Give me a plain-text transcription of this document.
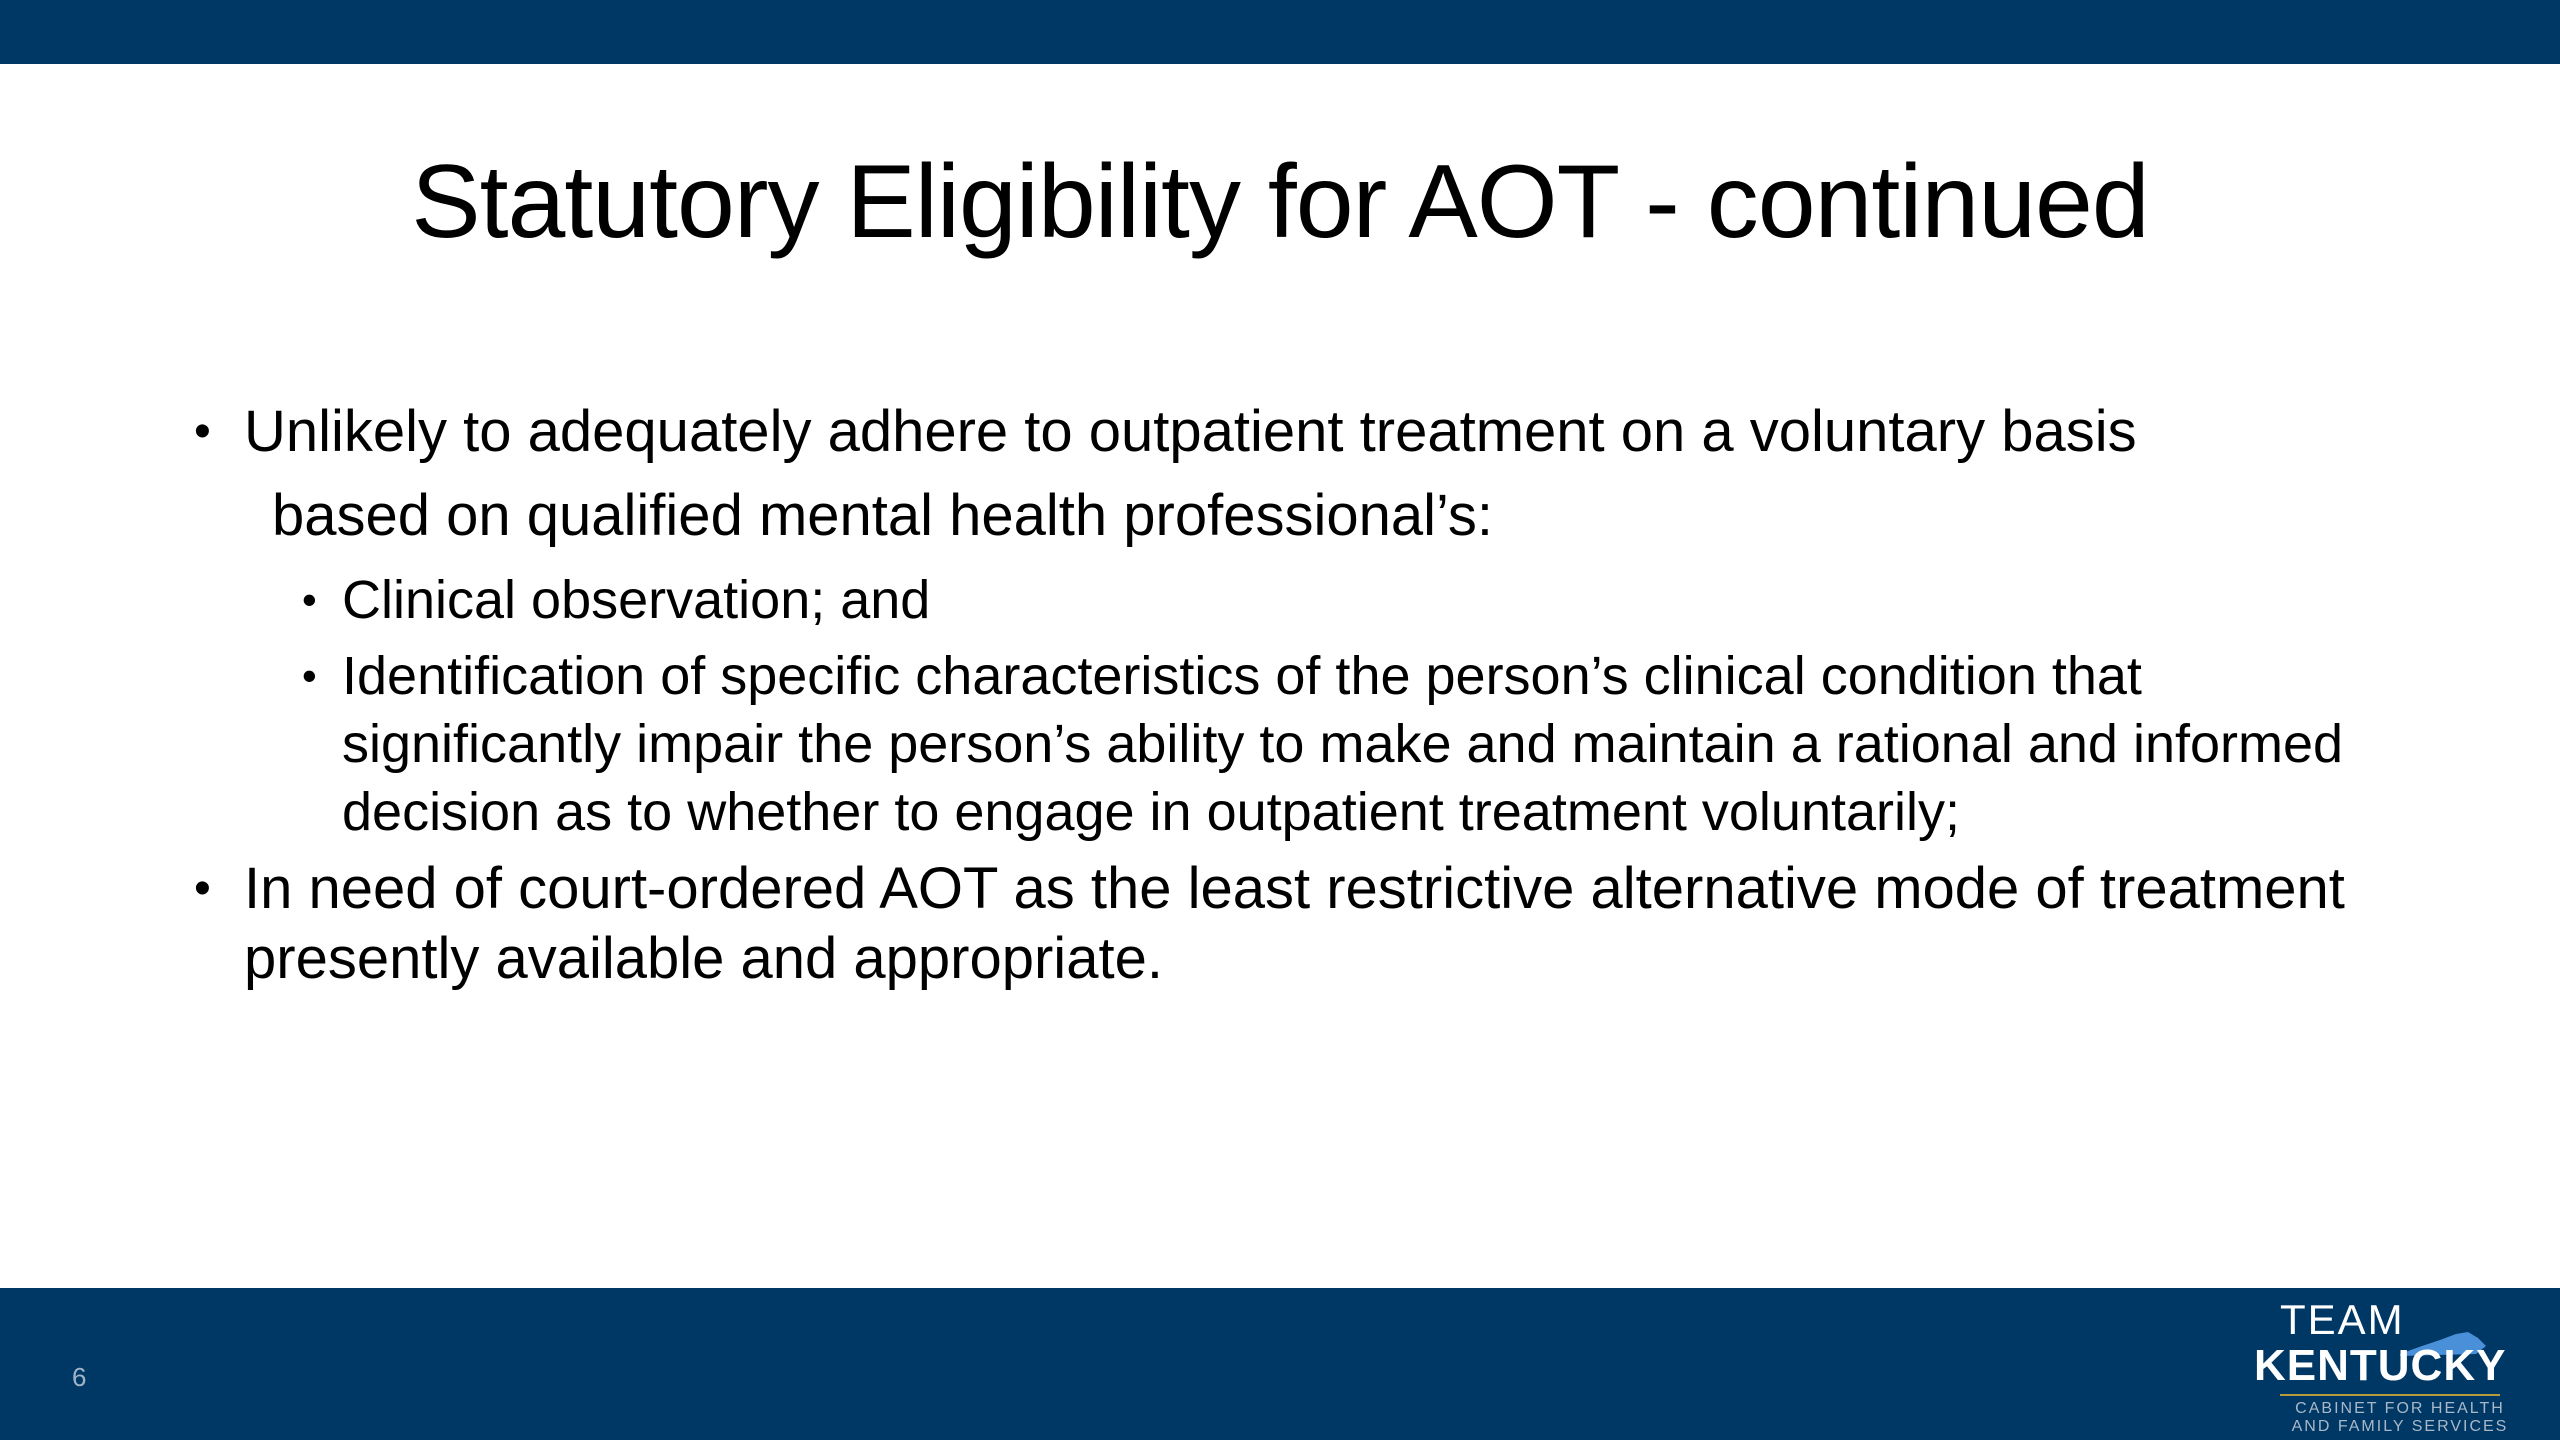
Statutory Eligibility for AOT - continued
• Unlikely to adequately adhere to outpatient treatment on a voluntary basis
based on qualified mental health professional’s:
• Clinical observation; and
• Identification of specific characteristics of the person’s clinical condition that significantly impair the person’s ability to make and maintain a rational and informed decision as to whether to engage in outpatient treatment voluntarily;
• In need of court-ordered AOT as the least restrictive alternative mode of treatment presently available and appropriate.
6
TEAM
KENTUCKY
CABINET FOR HEALTH
AND FAMILY SERVICES
